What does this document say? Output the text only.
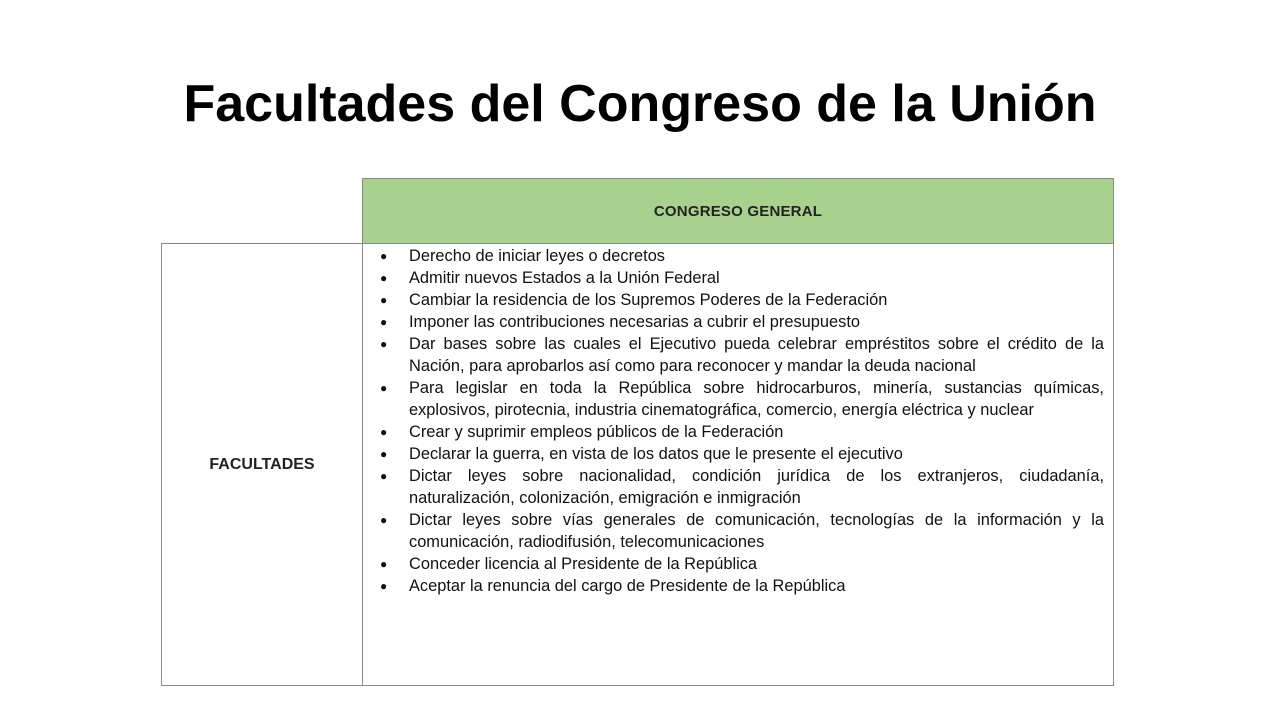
Facultades del Congreso de la Unión
CONGRESO GENERAL
FACULTADES
● Derecho de iniciar leyes o decretos
● Admitir nuevos Estados a la Unión Federal
● Cambiar la residencia de los Supremos Poderes de la Federación
● Imponer las contribuciones necesarias a cubrir el presupuesto
● Dar bases sobre las cuales el Ejecutivo pueda celebrar empréstitos sobre el crédito de la Nación, para aprobarlos así como para reconocer y mandar la deuda nacional
● Para legislar en toda la República sobre hidrocarburos, minería, sustancias químicas, explosivos, pirotecnia, industria cinematográfica, comercio, energía eléctrica y nuclear
● Crear y suprimir empleos públicos de la Federación
● Declarar la guerra, en vista de los datos que le presente el ejecutivo
● Dictar leyes sobre nacionalidad, condición jurídica de los extranjeros, ciudadanía, naturalización, colonización, emigración e inmigración
● Dictar leyes sobre vías generales de comunicación, tecnologías de la información y la comunicación, radiodifusión, telecomunicaciones
● Conceder licencia al Presidente de la República
● Aceptar la renuncia del cargo de Presidente de la República
